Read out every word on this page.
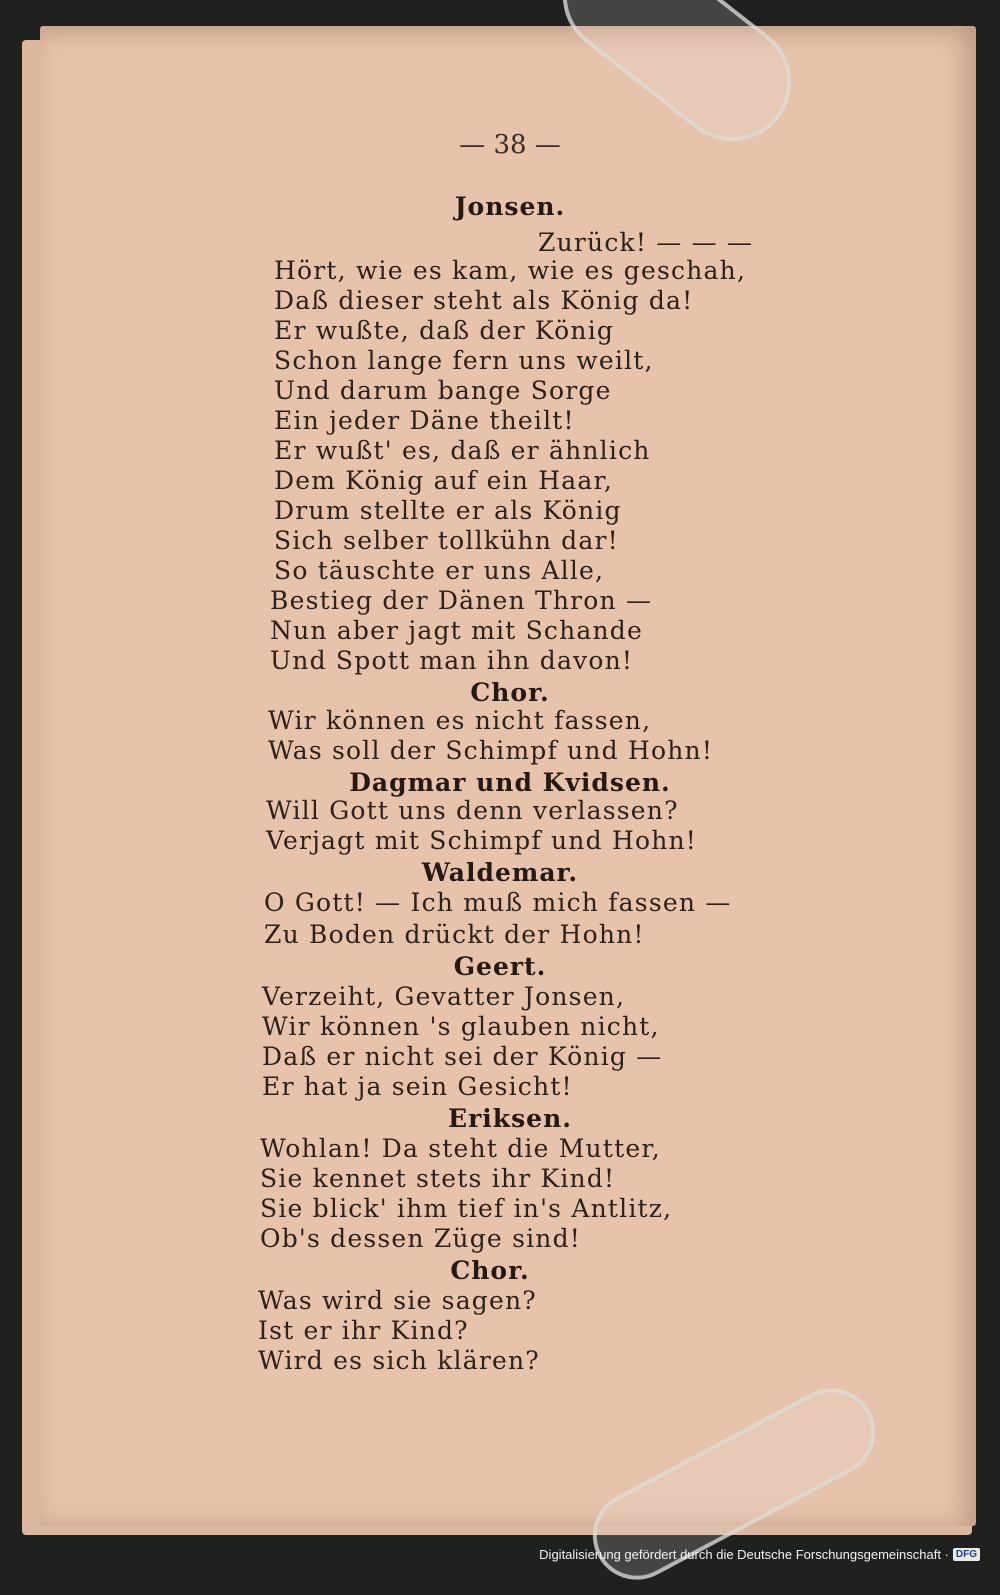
— 38 —
Jonsen.
Zurück! — — —
Hört, wie es kam, wie es geschah,
Daß dieser steht als König da!
Er wußte, daß der König
Schon lange fern uns weilt,
Und darum bange Sorge
Ein jeder Däne theilt!
Er wußt' es, daß er ähnlich
Dem König auf ein Haar,
Drum stellte er als König
Sich selber tollkühn dar!
So täuschte er uns Alle,
Bestieg der Dänen Thron —
Nun aber jagt mit Schande
Und Spott man ihn davon!
Chor.
Wir können es nicht fassen,
Was soll der Schimpf und Hohn!
Dagmar und Kvidsen.
Will Gott uns denn verlassen?
Verjagt mit Schimpf und Hohn!
Waldemar.
O Gott! — Ich muß mich fassen —
Zu Boden drückt der Hohn!
Geert.
Verzeiht, Gevatter Jonsen,
Wir können 's glauben nicht,
Daß er nicht sei der König —
Er hat ja sein Gesicht!
Eriksen.
Wohlan! Da steht die Mutter,
Sie kennet stets ihr Kind!
Sie blick' ihm tief in's Antlitz,
Ob's dessen Züge sind!
Chor.
Was wird sie sagen?
Ist er ihr Kind?
Wird es sich klären?
Digitalisierung gefördert durch die Deutsche Forschungsgemeinschaft · DFG
